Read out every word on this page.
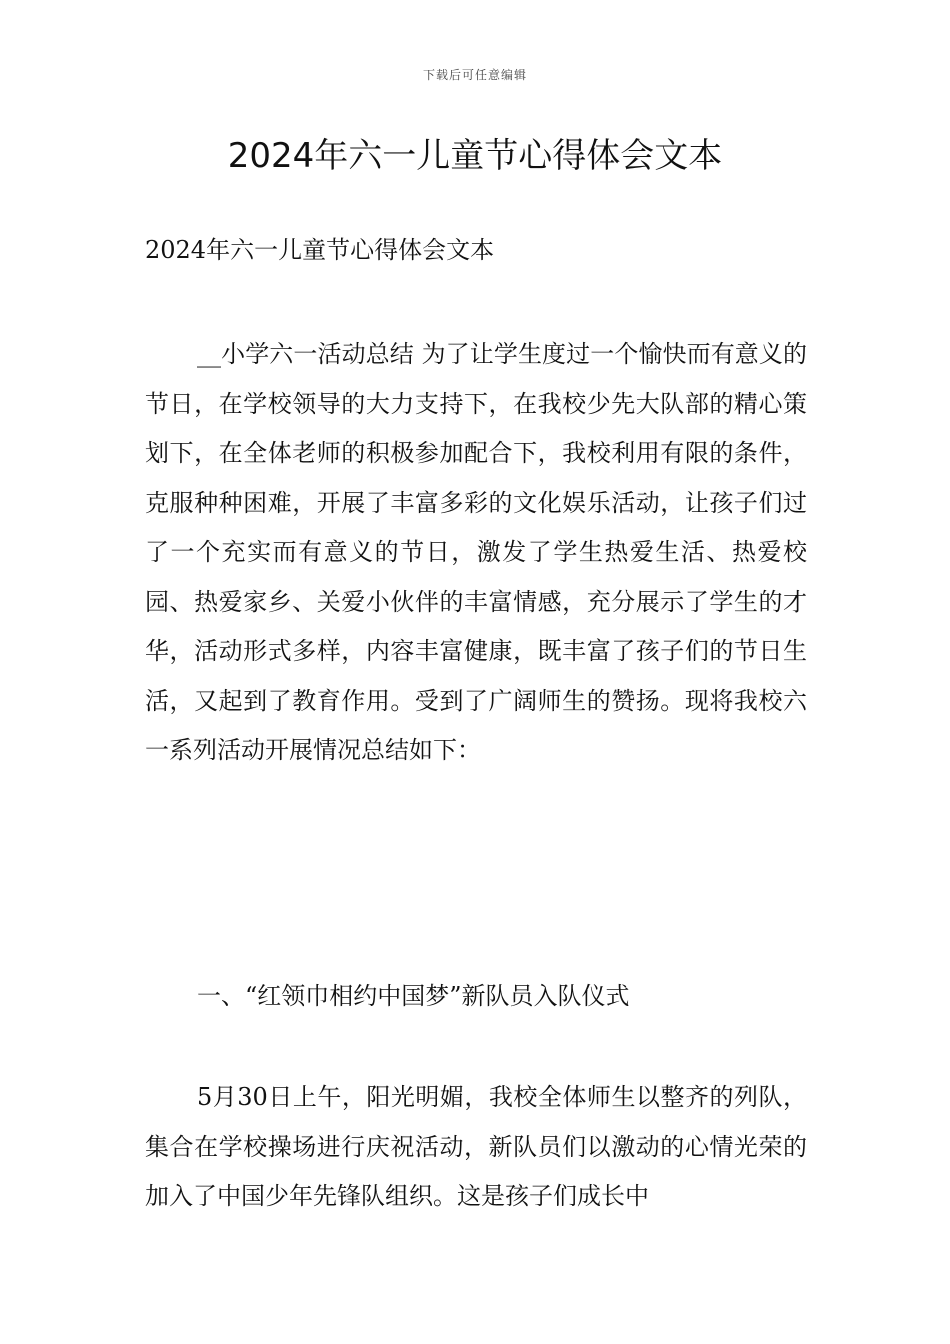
下载后可任意编辑
2024年六一儿童节心得体会文本

2024年六一儿童节心得体会文本

__小学六一活动总结 为了让学生度过一个愉快而有意义的节日，在学校领导的大力支持下，在我校少先大队部的精心策划下，在全体老师的积极参加配合下，我校利用有限的条件，克服种种困难，开展了丰富多彩的文化娱乐活动，让孩子们过了一个充实而有意义的节日，激发了学生热爱生活、热爱校园、热爱家乡、关爱小伙伴的丰富情感，充分展示了学生的才华，活动形式多样，内容丰富健康，既丰富了孩子们的节日生活，又起到了教育作用。受到了广阔师生的赞扬。现将我校六一系列活动开展情况总结如下：

一、“红领巾相约中国梦”新队员入队仪式

5月30日上午，阳光明媚，我校全体师生以整齐的列队，集合在学校操场进行庆祝活动，新队员们以激动的心情光荣的加入了中国少年先锋队组织。这是孩子们成长中
